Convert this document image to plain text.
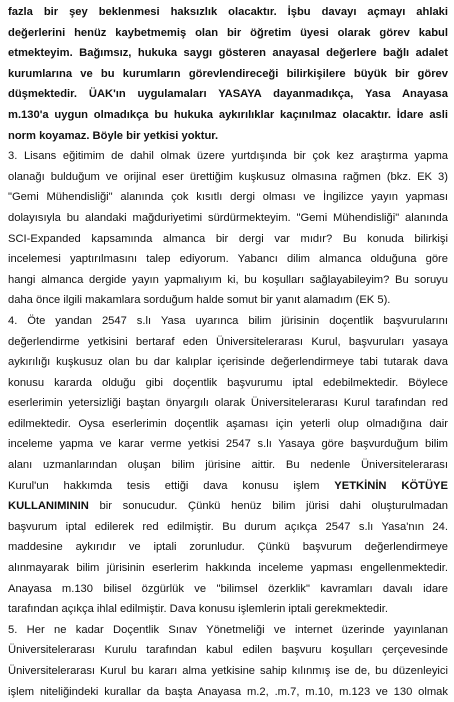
fazla bir şey beklenmesi haksızlık olacaktır. İşbu davayı açmayı ahlaki
değerlerini henüz kaybetmemiş olan bir öğretim üyesi olarak görev kabul
etmekteyim. Bağımsız, hukuka saygı gösteren anayasal değerlere bağlı adalet
kurumlarına ve bu kurumların görevlendireceği bilirkişilere büyük bir görev
düşmektedir. ÜAK'ın uygulamaları YASAYA dayanmadıkça, Yasa Anayasa
m.130'a uygun olmadıkça bu hukuka aykırılıklar kaçınılmaz olacaktır. İdare asli
norm koyamaz. Böyle bir yetkisi yoktur.
3. Lisans eğitimim de dahil olmak üzere yurtdışında bir çok kez araştırma yapma
olanağı bulduğum ve orijinal eser ürettiğim kuşkusuz olmasına rağmen (bkz. EK 3)
"Gemi Mühendisliği" alanında çok kısıtlı dergi olması ve İngilizce yayın yapması
dolayısıyla bu alandaki mağduriyetimi sürdürmekteyim. "Gemi Mühendisliği" alanında
SCI-Expanded kapsamında almanca bir dergi var mıdır? Bu konuda bilirkişi
incelemesi yaptırılmasını talep ediyorum. Yabancı dilim almanca olduğuna göre
hangi almanca dergide yayın yapmalıyım ki, bu koşulları sağlayabileyim? Bu soruyu
daha önce ilgili makamlara sorduğum halde somut bir yanıt alamadım (EK 5).
4. Öte yandan 2547 s.lı Yasa uyarınca bilim jürisinin doçentlik başvurularını
değerlendirme yetkisini bertaraf eden Üniversitelerarası Kurul, başvuruları yasaya
aykırılığı kuşkusuz olan bu dar kalıplar içerisinde değerlendirmeye tabi tutarak dava
konusu kararda olduğu gibi doçentlik başvurumu iptal edebilmektedir. Böylece
eserlerimin yetersizliği baştan önyargılı olarak Üniversitelerarası Kurul tarafından red
edilmektedir. Oysa eserlerimin doçentlik aşaması için yeterli olup olmadığına dair
inceleme yapma ve karar verme yetkisi 2547 s.lı Yasaya göre başvurduğum bilim
alanı uzmanlarından oluşan bilim jürisine aittir. Bu nedenle Üniversitelerarası
Kurul'un hakkımda tesis ettiği dava konusu işlem YETKİNİN KÖTÜYE
KULLANIMININ bir sonucudur. Çünkü henüz bilim jürisi dahi oluşturulmadan
başvurum iptal edilerek red edilmiştir. Bu durum açıkça 2547 s.lı Yasa'nın 24.
maddesine aykırıdır ve iptali zorunludur. Çünkü başvurum değerlendirmeye
alınmayarak bilim jürisinin eserlerim hakkında inceleme yapması engellenmektedir.
Anayasa m.130 bilisel özgürlük ve "bilimsel özerklik" kavramları davalı idare
tarafından açıkça ihlal edilmiştir. Dava konusu işlemlerin iptali gerekmektedir.
5. Her ne kadar Doçentlik Sınav Yönetmeliği ve internet üzerinde yayınlanan
Üniversitelerarası Kurulu tarafından kabul edilen başvuru koşulları çerçevesinde
Üniversitelerarası Kurul bu kararı alma yetkisine sahip kılınmış ise de, bu düzenleyici
işlem niteliğindeki kurallar da başta Anayasa m.2, .m.7, m.10, m.123 ve 130 olmak
